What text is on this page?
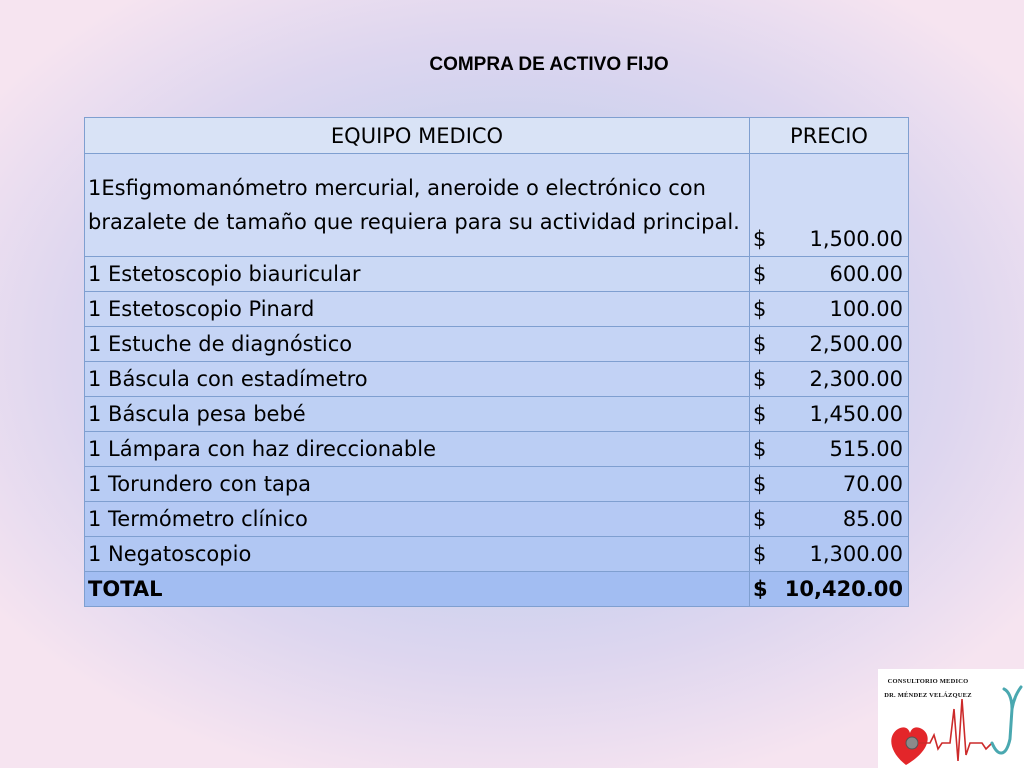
COMPRA DE ACTIVO FIJO
EQUIPO MEDICO	PRECIO
1Esfigmomanómetro mercurial, aneroide o electrónico con brazalete de tamaño que requiera para su actividad principal.	$ 1,500.00

1 Estetoscopio biauricular	$ 600.00

1 Estetoscopio Pinard	$ 100.00

1 Estuche de diagnóstico	$ 2,500.00

1 Báscula con estadímetro	$ 2,300.00

1 Báscula pesa bebé	$ 1,450.00

1 Lámpara con haz direccionable	$ 515.00

1 Torundero con tapa	$ 70.00

1 Termómetro clínico	$ 85.00

1 Negatoscopio	$ 1,300.00

TOTAL	$ 10,420.00
CONSULTORIO MEDICO
DR. MÉNDEZ VELÁZQUEZ
